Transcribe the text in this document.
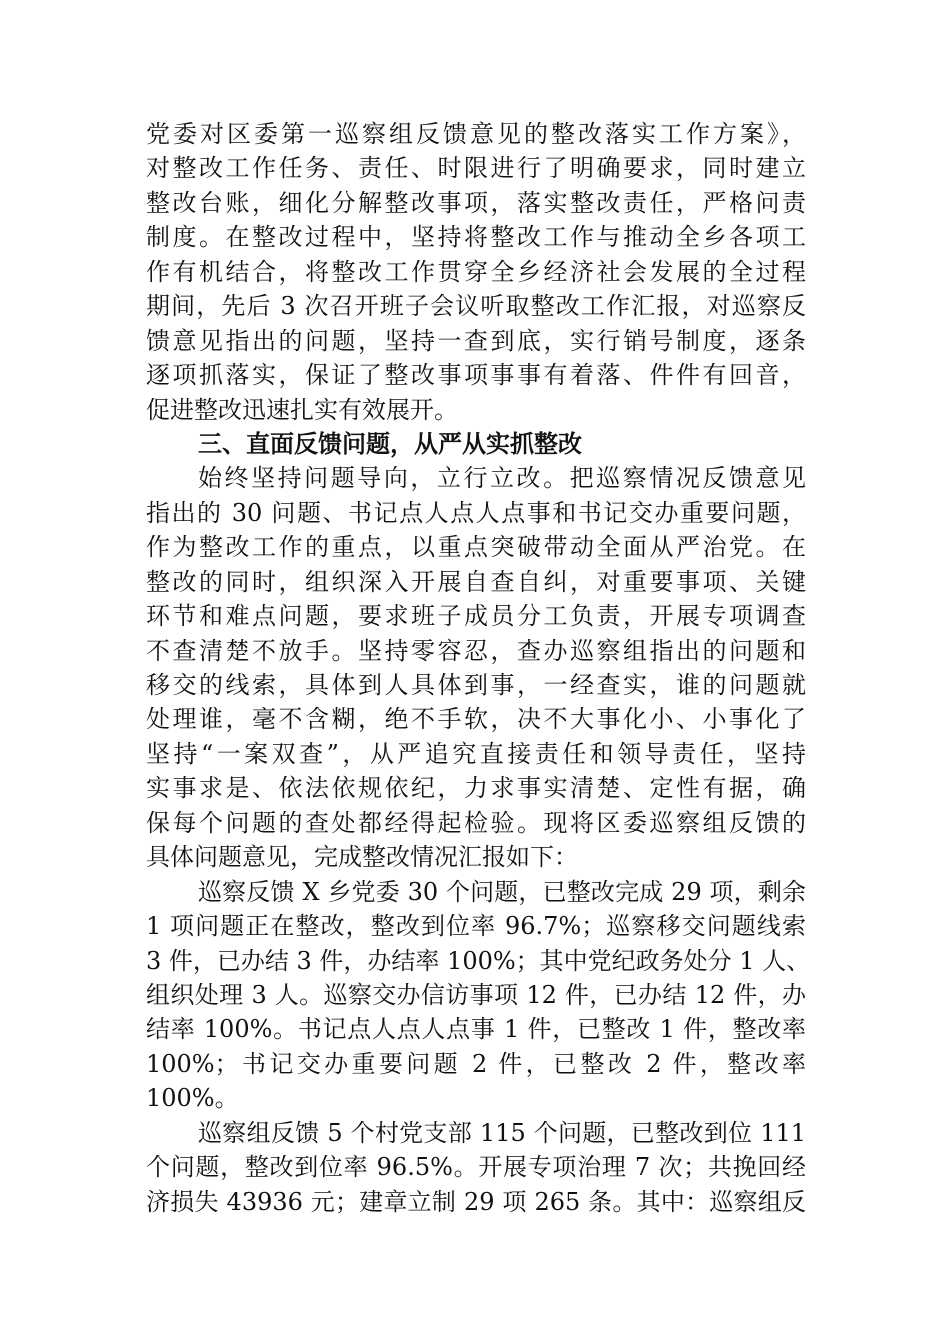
党委对区委第一巡察组反馈意见的整改落实工作方案》，
对整改工作任务、责任、时限进行了明确要求，同时建立
整改台账，细化分解整改事项，落实整改责任，严格问责
制度。在整改过程中，坚持将整改工作与推动全乡各项工
作有机结合，将整改工作贯穿全乡经济社会发展的全过程
期间，先后 3 次召开班子会议听取整改工作汇报，对巡察反
馈意见指出的问题，坚持一查到底，实行销号制度，逐条
逐项抓落实，保证了整改事项事事有着落、件件有回音，
促进整改迅速扎实有效展开。
三、直面反馈问题，从严从实抓整改
始终坚持问题导向，立行立改。把巡察情况反馈意见
指出的 30 问题、书记点人点人点事和书记交办重要问题，
作为整改工作的重点，以重点突破带动全面从严治党。在
整改的同时，组织深入开展自查自纠，对重要事项、关键
环节和难点问题，要求班子成员分工负责，开展专项调查
不查清楚不放手。坚持零容忍，查办巡察组指出的问题和
移交的线索，具体到人具体到事，一经查实，谁的问题就
处理谁，毫不含糊，绝不手软，决不大事化小、小事化了
坚持“一案双查”，从严追究直接责任和领导责任，坚持
实事求是、依法依规依纪，力求事实清楚、定性有据，确
保每个问题的查处都经得起检验。现将区委巡察组反馈的
具体问题意见，完成整改情况汇报如下：
巡察反馈 X 乡党委 30 个问题，已整改完成 29 项，剩余
1 项问题正在整改，整改到位率 96.7%；巡察移交问题线索
3 件，已办结 3 件，办结率 100%；其中党纪政务处分 1 人、
组织处理 3 人。巡察交办信访事项 12 件，已办结 12 件，办
结率 100%。书记点人点人点事 1 件，已整改 1 件，整改率
100%；书记交办重要问题 2 件，已整改 2 件，整改率
100%。
巡察组反馈 5 个村党支部 115 个问题，已整改到位 111
个问题，整改到位率 96.5%。开展专项治理 7 次；共挽回经
济损失 43936 元；建章立制 29 项 265 条。其中：巡察组反
